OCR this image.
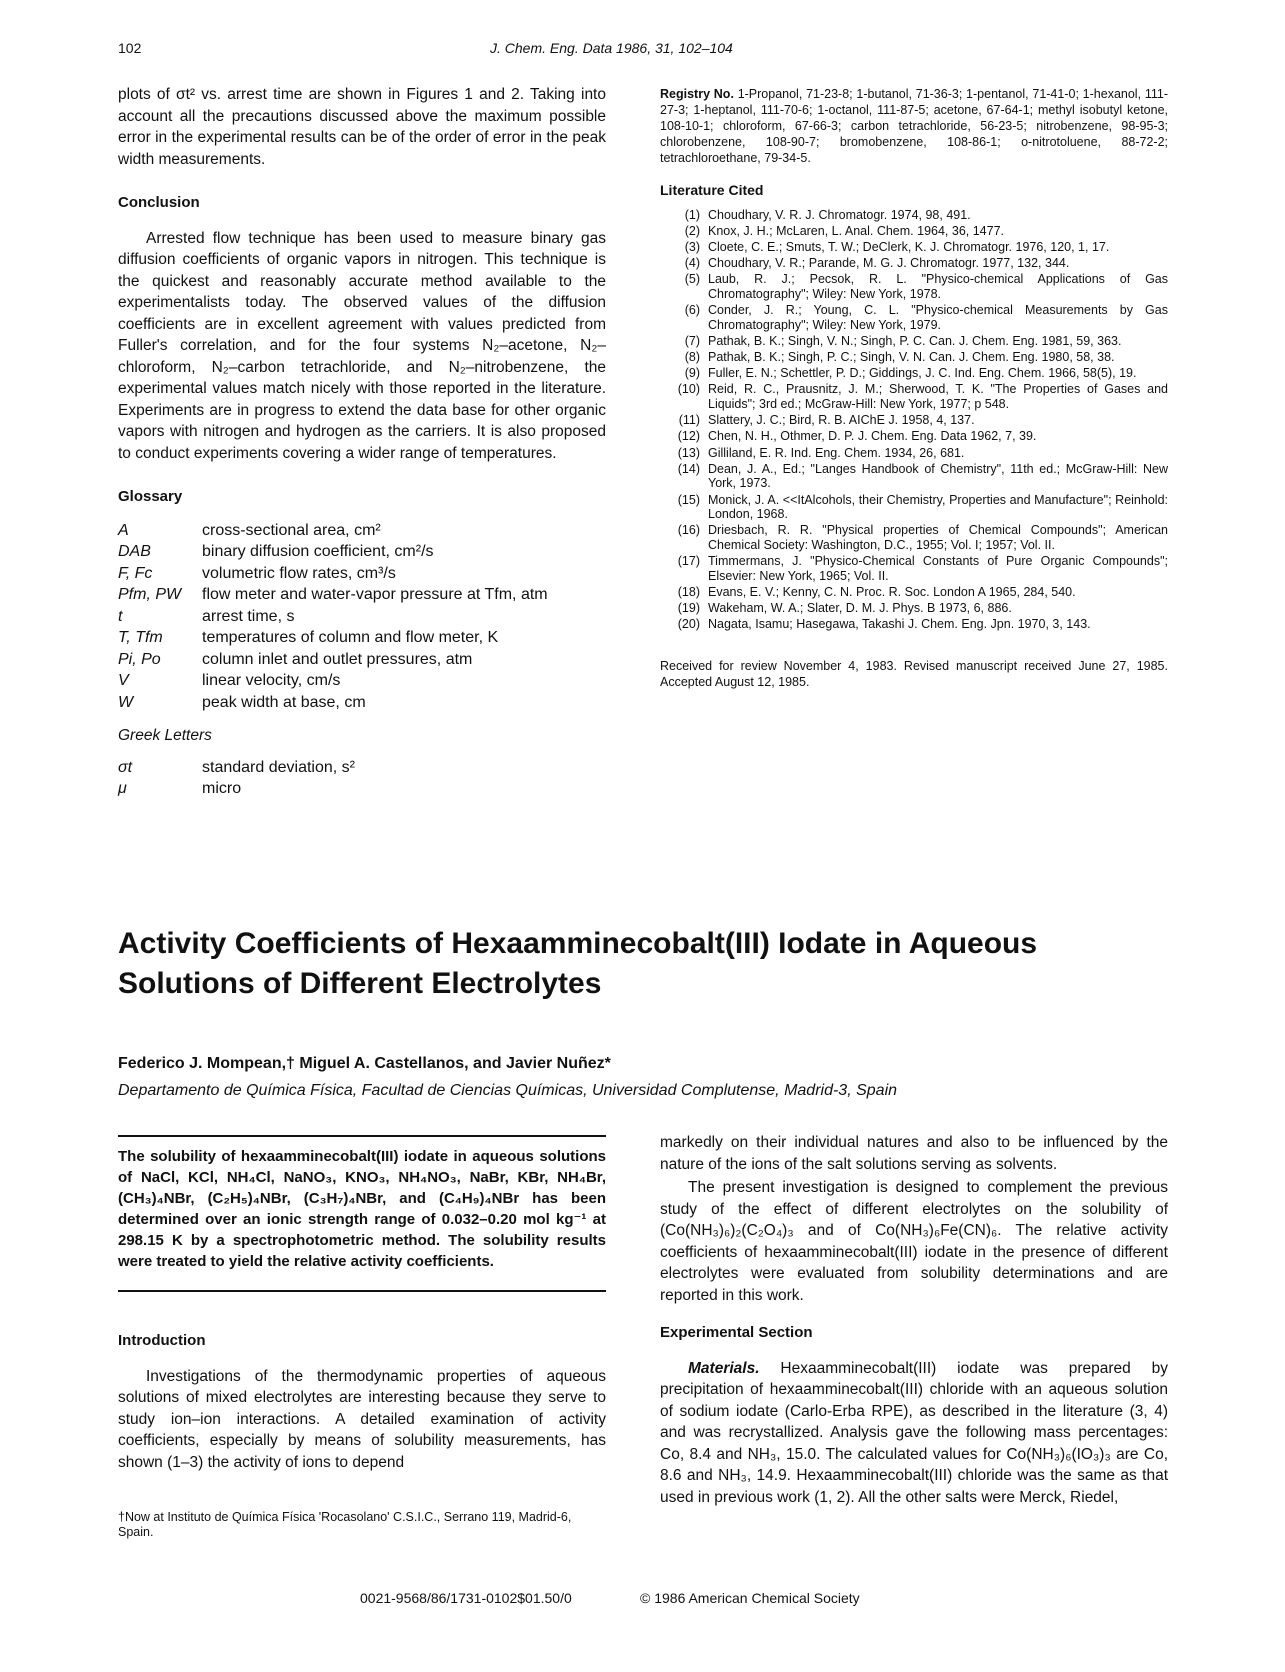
102	J. Chem. Eng. Data 1986, 31, 102–104

plots of σt² vs. arrest time are shown in Figures 1 and 2. Taking into account all the precautions discussed above the maximum possible error in the experimental results can be of the order of error in the peak width measurements.

Conclusion

Arrested flow technique has been used to measure binary gas diffusion coefficients of organic vapors in nitrogen. This technique is the quickest and reasonably accurate method available to the experimentalists today. The observed values of the diffusion coefficients are in excellent agreement with values predicted from Fuller's correlation, and for the four systems N₂–acetone, N₂–chloroform, N₂–carbon tetrachloride, and N₂–nitrobenzene, the experimental values match nicely with those reported in the literature. Experiments are in progress to extend the data base for other organic vapors with nitrogen and hydrogen as the carriers. It is also proposed to conduct experiments covering a wider range of temperatures.

Glossary
A	cross-sectional area, cm²
DAB	binary diffusion coefficient, cm²/s
F, Fc	volumetric flow rates, cm³/s
Pfm, PW	flow meter and water-vapor pressure at Tfm, atm
t	arrest time, s
T, Tfm	temperatures of column and flow meter, K
Pi, Po	column inlet and outlet pressures, atm
V	linear velocity, cm/s
W	peak width at base, cm
Greek Letters
σt	standard deviation, s²
μ	micro
Registry No. 1-Propanol, 71-23-8; 1-butanol, 71-36-3; 1-pentanol, 71-41-0; 1-hexanol, 111-27-3; 1-heptanol, 111-70-6; 1-octanol, 111-87-5; acetone, 67-64-1; methyl isobutyl ketone, 108-10-1; chloroform, 67-66-3; carbon tetrachloride, 56-23-5; nitrobenzene, 98-95-3; chlorobenzene, 108-90-7; bromobenzene, 108-86-1; o-nitrotoluene, 88-72-2; tetrachloroethane, 79-34-5.
Literature Cited
(1) Choudhary, V. R. J. Chromatogr. 1974, 98, 491.
(2) Knox, J. H.; McLaren, L. Anal. Chem. 1964, 36, 1477.
(3) Cloete, C. E.; Smuts, T. W.; DeClerk, K. J. Chromatogr. 1976, 120, 1, 17.
(4) Choudhary, V. R.; Parande, M. G. J. Chromatogr. 1977, 132, 344.
(5) Laub, R. J.; Pecsok, R. L. "Physico-chemical Applications of Gas Chromatography"; Wiley: New York, 1978.
(6) Conder, J. R.; Young, C. L. "Physico-chemical Measurements by Gas Chromatography"; Wiley: New York, 1979.
(7) Pathak, B. K.; Singh, V. N.; Singh, P. C. Can. J. Chem. Eng. 1981, 59, 363.
(8) Pathak, B. K.; Singh, P. C.; Singh, V. N. Can. J. Chem. Eng. 1980, 58, 38.
(9) Fuller, E. N.; Schettler, P. D.; Giddings, J. C. Ind. Eng. Chem. 1966, 58(5), 19.
(10) Reid, R. C., Prausnitz, J. M.; Sherwood, T. K. "The Properties of Gases and Liquids"; 3rd ed.; McGraw-Hill: New York, 1977; p 548.
(11) Slattery, J. C.; Bird, R. B. AIChE J. 1958, 4, 137.
(12) Chen, N. H., Othmer, D. P. J. Chem. Eng. Data 1962, 7, 39.
(13) Gilliland, E. R. Ind. Eng. Chem. 1934, 26, 681.
(14) Dean, J. A., Ed.; "Langes Handbook of Chemistry", 11th ed.; McGraw-Hill: New York, 1973.
(15) Monick, J. A. <<ItAlcohols, their Chemistry, Properties and Manufacture"; Reinhold: London, 1968.
(16) Driesbach, R. R. "Physical properties of Chemical Compounds"; American Chemical Society: Washington, D.C., 1955; Vol. I; 1957; Vol. II.
(17) Timmermans, J. "Physico-Chemical Constants of Pure Organic Compounds"; Elsevier: New York, 1965; Vol. II.
(18) Evans, E. V.; Kenny, C. N. Proc. R. Soc. London A 1965, 284, 540.
(19) Wakeham, W. A.; Slater, D. M. J. Phys. B 1973, 6, 886.
(20) Nagata, Isamu; Hasegawa, Takashi J. Chem. Eng. Jpn. 1970, 3, 143.
Received for review November 4, 1983. Revised manuscript received June 27, 1985. Accepted August 12, 1985.
Activity Coefficients of Hexaamminecobalt(III) Iodate in Aqueous Solutions of Different Electrolytes
Federico J. Mompean,† Miguel A. Castellanos, and Javier Nuñez*
Departamento de Química Física, Facultad de Ciencias Químicas, Universidad Complutense, Madrid-3, Spain
The solubility of hexaamminecobalt(III) iodate in aqueous solutions of NaCl, KCl, NH₄Cl, NaNO₃, KNO₃, NH₄NO₃, NaBr, KBr, NH₄Br, (CH₃)₄NBr, (C₂H₅)₄NBr, (C₃H₇)₄NBr, and (C₄H₉)₄NBr has been determined over an ionic strength range of 0.032–0.20 mol kg⁻¹ at 298.15 K by a spectrophotometric method. The solubility results were treated to yield the relative activity coefficients.
Introduction

Investigations of the thermodynamic properties of aqueous solutions of mixed electrolytes are interesting because they serve to study ion–ion interactions. A detailed examination of activity coefficients, especially by means of solubility measurements, has shown (1–3) the activity of ions to depend

†Now at Instituto de Química Física 'Rocasolano' C.S.I.C., Serrano 119, Madrid-6, Spain.

markedly on their individual natures and also to be influenced by the nature of the ions of the salt solutions serving as solvents.

The present investigation is designed to complement the previous study of the effect of different electrolytes on the solubility of (Co(NH₃)₆)₂(C₂O₄)₃ and of Co(NH₃)₆Fe(CN)₆. The relative activity coefficients of hexaamminecobalt(III) iodate in the presence of different electrolytes were evaluated from solubility determinations and are reported in this work.

Experimental Section

Materials. Hexaamminecobalt(III) iodate was prepared by precipitation of hexaamminecobalt(III) chloride with an aqueous solution of sodium iodate (Carlo-Erba RPE), as described in the literature (3, 4) and was recrystallized. Analysis gave the following mass percentages: Co, 8.4 and NH₃, 15.0. The calculated values for Co(NH₃)₆(IO₃)₃ are Co, 8.6 and NH₃, 14.9. Hexaamminecobalt(III) chloride was the same as that used in previous work (1, 2). All the other salts were Merck, Riedel,

0021-9568/86/1731-0102$01.50/0	© 1986 American Chemical Society
